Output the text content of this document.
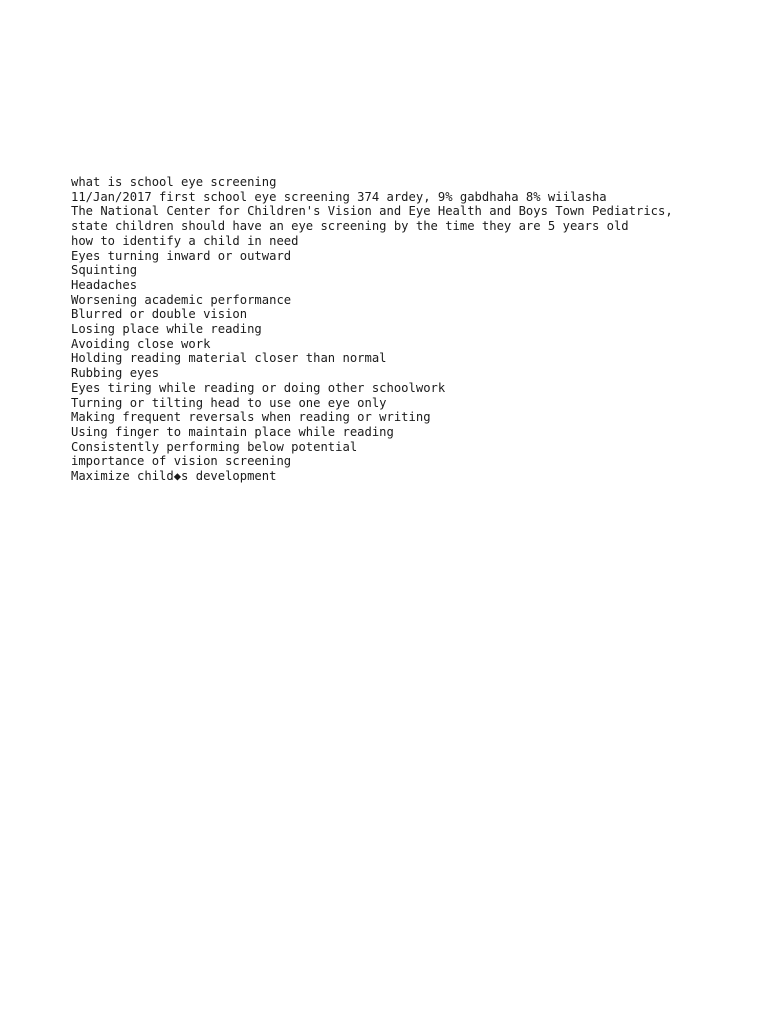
what is school eye screening
11/Jan/2017 first school eye screening 374 ardey, 9% gabdhaha 8% wiilasha
The National Center for Children's Vision and Eye Health and Boys Town Pediatrics,
state children should have an eye screening by the time they are 5 years old
how to identify a child in need
Eyes turning inward or outward
Squinting
Headaches
Worsening academic performance
Blurred or double vision
Losing place while reading
Avoiding close work
Holding reading material closer than normal
Rubbing eyes
Eyes tiring while reading or doing other schoolwork
Turning or tilting head to use one eye only
Making frequent reversals when reading or writing
Using finger to maintain place while reading
Consistently performing below potential
importance of vision screening
Maximize child◆s development
